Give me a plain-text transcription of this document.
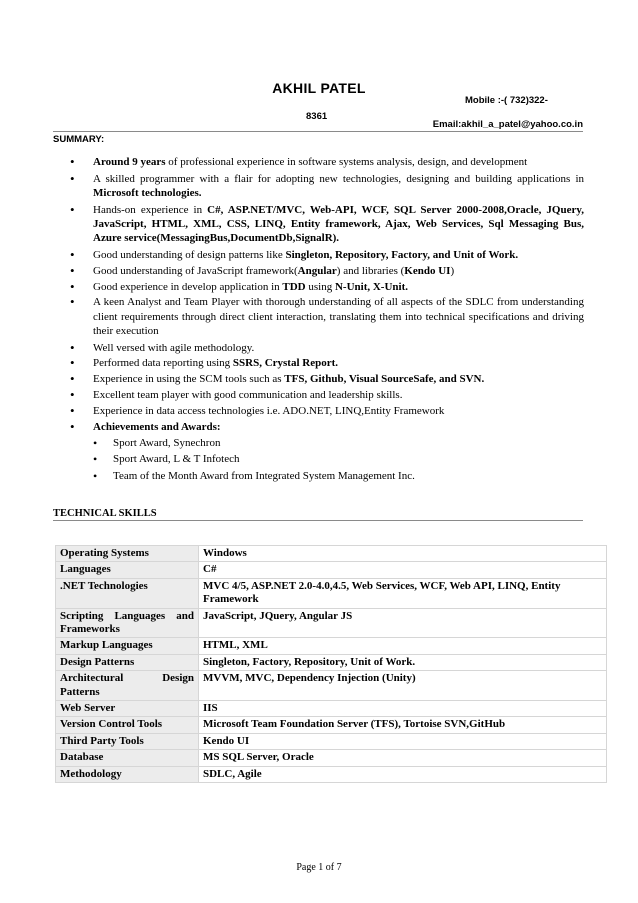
AKHIL PATEL
Mobile :-( 732)322-
8361
Email:akhil_a_patel@yahoo.co.in
SUMMARY:
• Around 9 years of professional experience in software systems analysis, design, and development
• A skilled programmer with a flair for adopting new technologies, designing and building applications in Microsoft technologies.
• Hands-on experience in C#, ASP.NET/MVC, Web-API, WCF, SQL Server 2000-2008,Oracle, JQuery, JavaScript, HTML, XML, CSS, LINQ, Entity framework, Ajax, Web Services, Sql Messaging Bus, Azure service(MessagingBus,DocumentDb,SignalR).
• Good understanding of design patterns like Singleton, Repository, Factory, and Unit of Work.
• Good understanding of JavaScript framework(Angular) and libraries (Kendo UI)
• Good experience in develop application in TDD using N-Unit, X-Unit.
• A keen Analyst and Team Player with thorough understanding of all aspects of the SDLC from understanding client requirements through direct client interaction, translating them into technical specifications and driving their execution
• Well versed with agile methodology.
• Performed data reporting using SSRS, Crystal Report.
• Experience in using the SCM tools such as TFS, Github, Visual SourceSafe, and SVN.
• Excellent team player with good communication and leadership skills.
• Experience in data access technologies i.e. ADO.NET, LINQ,Entity Framework
• Achievements and Awards:
• Sport Award, Synechron
• Sport Award, L & T Infotech
• Team of the Month Award from Integrated System Management Inc.
TECHNICAL SKILLS
Operating Systems	Windows
Languages	C#
.NET Technologies	MVC 4/5, ASP.NET 2.0-4.0,4.5, Web Services, WCF, Web API, LINQ, Entity Framework
Scripting Languages and Frameworks	JavaScript, JQuery, Angular JS
Markup Languages	HTML, XML
Design Patterns	Singleton, Factory, Repository, Unit of Work.
Architectural Design Patterns	MVVM, MVC, Dependency Injection (Unity)
Web Server	IIS
Version Control Tools	Microsoft Team Foundation Server (TFS), Tortoise SVN,GitHub
Third Party Tools	Kendo UI
Database	MS SQL Server, Oracle
Methodology	SDLC, Agile
Page 1 of 7
